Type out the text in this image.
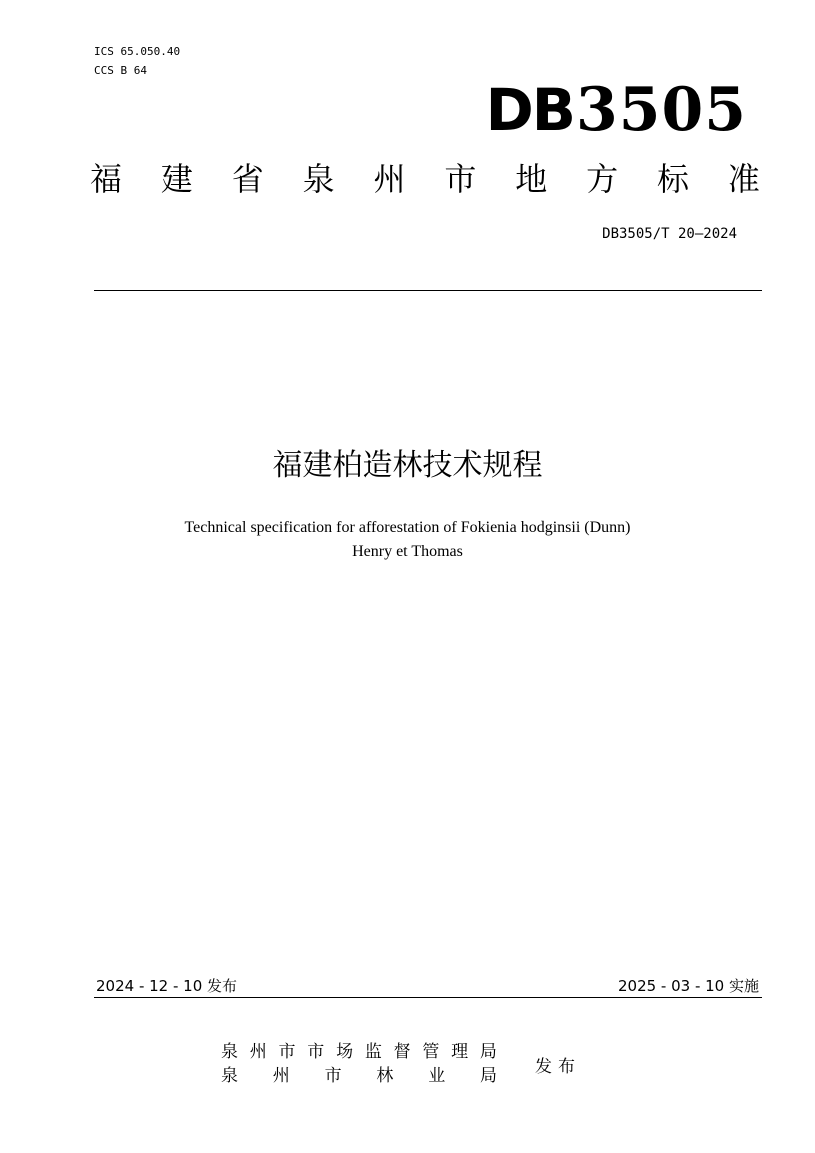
ICS 65.050.40
CCS B 64
DB3505
福 建 省 泉 州 市 地 方 标 准
DB3505/T 20—2024
福建柏造林技术规程
Technical specification for afforestation of Fokienia hodginsii (Dunn)
Henry et Thomas
2024 - 12 - 10 发布	2025 - 03 - 10 实施
泉 州 市 市 场 监 督 管 理 局
泉 州 市 林 业 局 发布
